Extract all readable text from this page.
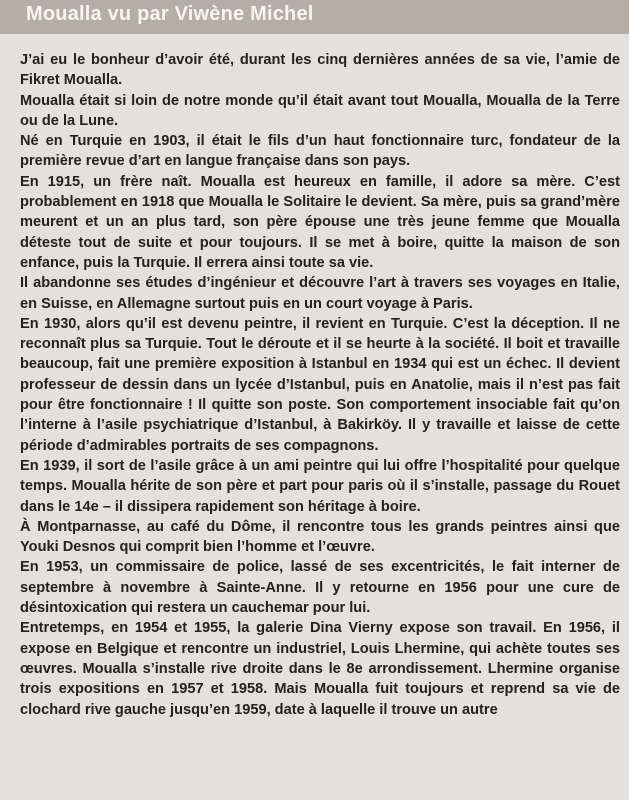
Moualla vu par Viwène Michel

J’ai eu le bonheur d’avoir été, durant les cinq dernières années de sa vie, l’amie de Fikret Moualla.

Moualla était si loin de notre monde qu’il était avant tout Moualla, Moualla de la Terre ou de la Lune.

Né en Turquie en 1903, il était le fils d’un haut fonctionnaire turc, fondateur de la première revue d’art en langue française dans son pays.

En 1915, un frère naît. Moualla est heureux en famille, il adore sa mère. C’est probablement en 1918 que Moualla le Solitaire le devient. Sa mère, puis sa grand’mère meurent et un an plus tard, son père épouse une très jeune femme que Moualla déteste tout de suite et pour toujours. Il se met à boire, quitte la maison de son enfance, puis la Turquie. Il errera ainsi toute sa vie.

Il abandonne ses études d’ingénieur et découvre l’art à travers ses voyages en Italie, en Suisse, en Allemagne surtout puis en un court voyage à Paris.

En 1930, alors qu’il est devenu peintre, il revient en Turquie. C’est la déception. Il ne reconnaît plus sa Turquie. Tout le déroute et il se heurte à la société. Il boit et travaille beaucoup, fait une première exposition à Istanbul en 1934 qui est un échec. Il devient professeur de dessin dans un lycée d’Istanbul, puis en Anatolie, mais il n’est pas fait pour être fonctionnaire ! Il quitte son poste. Son comportement insociable fait qu’on l’interne à l’asile psychiatrique d’Istanbul, à Bakirköy. Il y travaille et laisse de cette période d’admirables portraits de ses compagnons.

En 1939, il sort de l’asile grâce à un ami peintre qui lui offre l’hospitalité pour quelque temps. Moualla hérite de son père et part pour paris où il s’installe, passage du Rouet dans le 14e – il dissipera rapidement son héritage à boire.

À Montparnasse, au café du Dôme, il rencontre tous les grands peintres ainsi que Youki Desnos qui comprit bien l’homme et l’œuvre.

En 1953, un commissaire de police, lassé de ses excentricités, le fait interner de septembre à novembre à Sainte-Anne. Il y retourne en 1956 pour une cure de désintoxication qui restera un cauchemar pour lui.

Entretemps, en 1954 et 1955, la galerie Dina Vierny expose son travail. En 1956, il expose en Belgique et rencontre un industriel, Louis Lhermine, qui achète toutes ses œuvres. Moualla s’installe rive droite dans le 8e arrondissement. Lhermine organise trois expositions en 1957 et 1958. Mais Moualla fuit toujours et reprend sa vie de clochard rive gauche jusqu’en 1959, date à laquelle il trouve un autre
